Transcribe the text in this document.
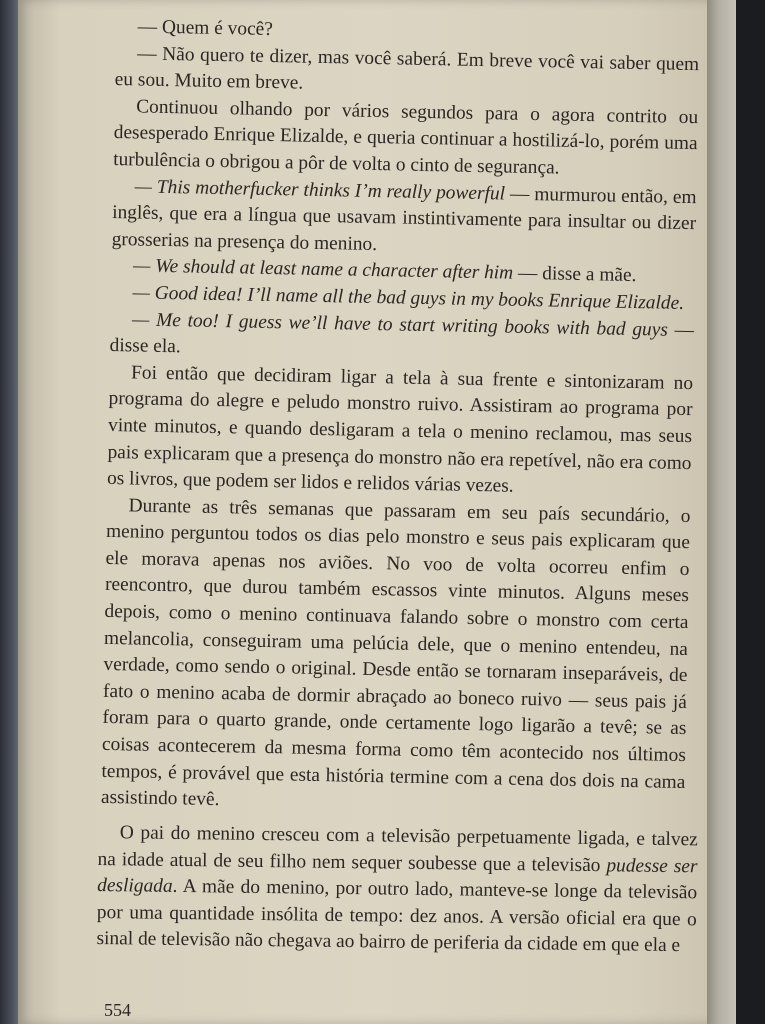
— Quem é você?

— Não quero te dizer, mas você saberá. Em breve você vai saber quem eu sou. Muito em breve.

Continuou olhando por vários segundos para o agora contrito ou desesperado Enrique Elizalde, e queria continuar a hostilizá-lo, porém uma turbulência o obrigou a pôr de volta o cinto de segurança.

— This motherfucker thinks I’m really powerful — murmurou então, em inglês, que era a língua que usavam instintivamente para insultar ou dizer grosserias na presença do menino.

— We should at least name a character after him — disse a mãe.

— Good idea! I’ll name all the bad guys in my books Enrique Elizalde.

— Me too! I guess we’ll have to start writing books with bad guys — disse ela.

Foi então que decidiram ligar a tela à sua frente e sintonizaram no programa do alegre e peludo monstro ruivo. Assistiram ao programa por vinte minutos, e quando desligaram a tela o menino reclamou, mas seus pais explicaram que a presença do monstro não era repetível, não era como os livros, que podem ser lidos e relidos várias vezes.

Durante as três semanas que passaram em seu país secundário, o menino perguntou todos os dias pelo monstro e seus pais explicaram que ele morava apenas nos aviões. No voo de volta ocorreu enfim o reencontro, que durou também escassos vinte minutos. Alguns meses depois, como o menino continuava falando sobre o monstro com certa melancolia, conseguiram uma pelúcia dele, que o menino entendeu, na verdade, como sendo o original. Desde então se tornaram inseparáveis, de fato o menino acaba de dormir abraçado ao boneco ruivo — seus pais já foram para o quarto grande, onde certamente logo ligarão a tevê; se as coisas acontecerem da mesma forma como têm acontecido nos últimos tempos, é provável que esta história termine com a cena dos dois na cama assistindo tevê.

O pai do menino cresceu com a televisão perpetuamente ligada, e talvez na idade atual de seu filho nem sequer soubesse que a televisão pudesse ser desligada. A mãe do menino, por outro lado, manteve-se longe da televisão por uma quantidade insólita de tempo: dez anos. A versão oficial era que o sinal de televisão não chegava ao bairro de periferia da cidade em que ela e

554
